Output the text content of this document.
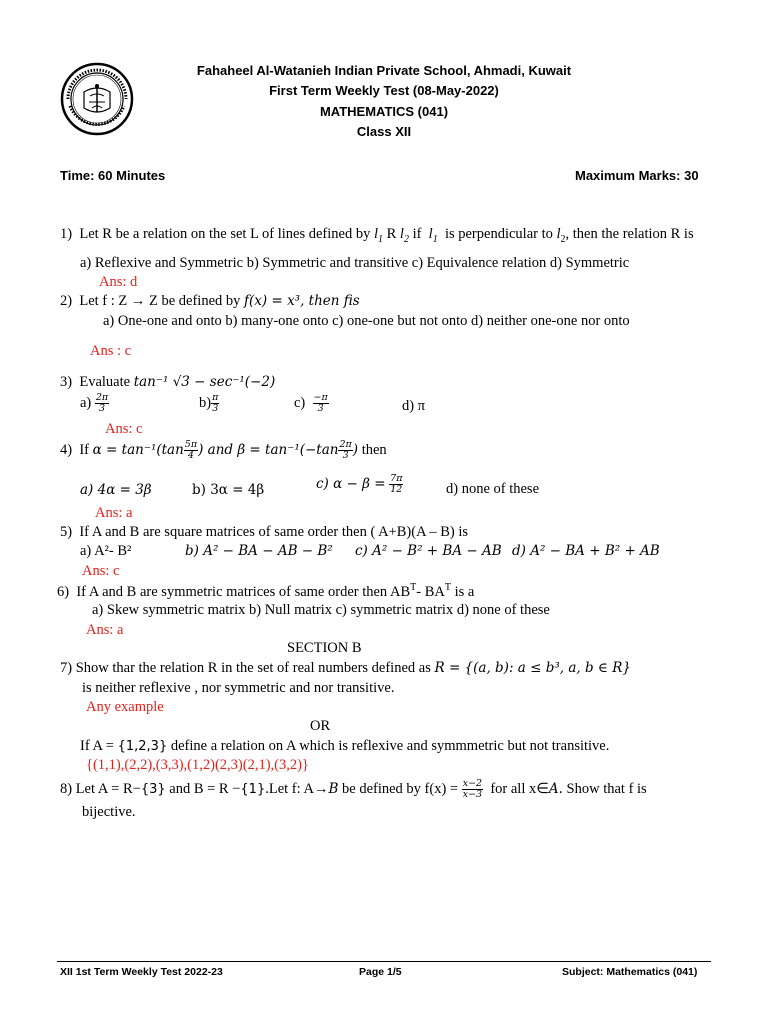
Fahaheel Al-Watanieh Indian Private School, Ahmadi, Kuwait
First Term Weekly Test (08-May-2022)
MATHEMATICS (041)
Class XII
Time: 60 Minutes	Maximum Marks: 30
1) Let R be a relation on the set L of lines defined by $l_1$ R $l_2$ if $l_1$ is perpendicular to $l_2$, then the relation R is
a) Reflexive and Symmetric b) Symmetric and transitive c) Equivalence relation d) Symmetric
Ans: d
2) Let f : Z → Z be defined by f(x) = x³, then fis
a) One-one and onto b) many-one onto c) one-one but not onto d) neither one-one nor onto
Ans : c
3) Evaluate tan⁻¹ √3 − sec⁻¹(−2)
$a) \frac{2\pi}{3}$	$b) \frac{\pi}{3}$	$c) \frac{-\pi}{3}$	d) π
Ans: c
4) If $\alpha = \tan^{-1}(\tan \frac{5\pi}{4}$ ) and $\beta = \tan^{-1}(-\tan \frac{2\pi}{3}$ ) then
a) 4α = 3β	b) 3α = 4β	c) $\alpha - \beta = \frac{7\pi}{12}$	d) none of these
Ans: a
5) If A and B are square matrices of same order then ( A+B)(A – B) is
a) A²- B²	b) A² − BA − AB − B² c) A² − B² + BA − AB d) A² − BA + B² + AB
Ans: c
6) If A and B are symmetric matrices of same order then $AB^T-$ $BA^T$ is a
a) Skew symmetric matrix b) Null matrix c) symmetric matrix d) none of these
Ans: a
SECTION B
7) Show thar the relation R in the set of real numbers defined as R = {(a, b): a ≤ b³, a, b ∈ R}
is neither reflexive , nor symmetric and nor transitive.
Any example
OR
If A = {1,2,3} define a relation on A which is reflexive and symmmetric but not transitive.
{(1,1),(2,2),(3,3),(1,2)(2,3)(2,1),(3,2)}
8) Let A = R−{3} and B = R −{1}.Let f: A→B be defined by $f(x) = \frac{x-2}{x-3}$ for all x∈A. Show that f is
bijective.
XII 1st Term Weekly Test 2022-23	Page 1/5	Subject: Mathematics (041)
